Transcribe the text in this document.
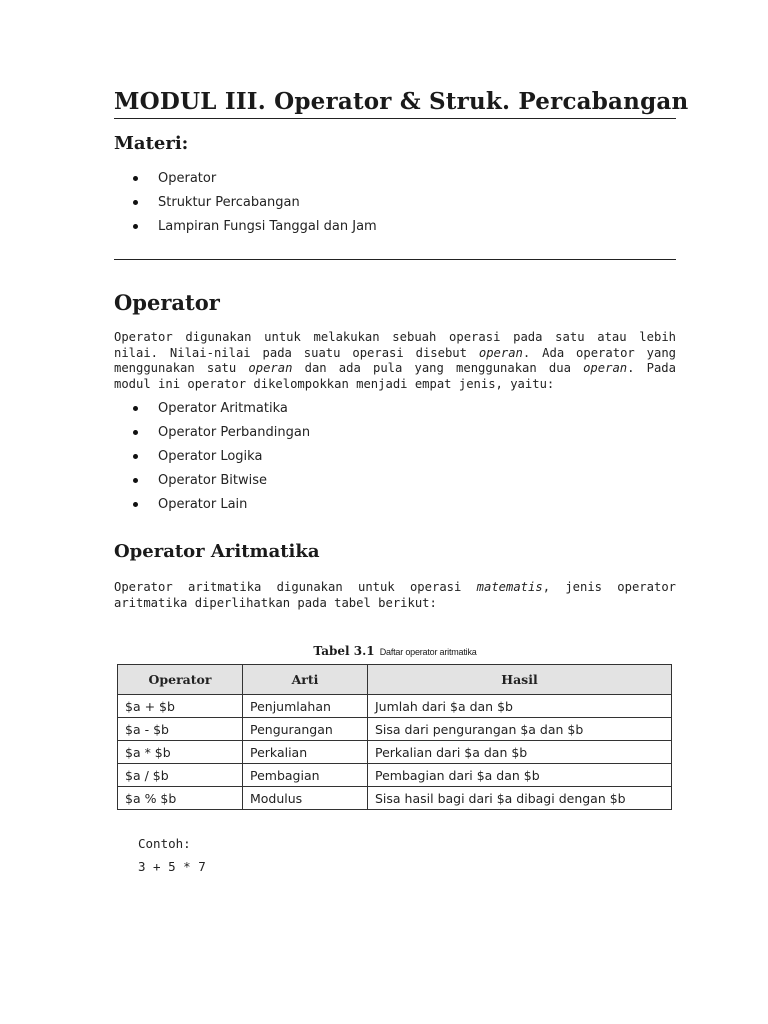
MODUL III. Operator & Struk. Percabangan
Materi:
Operator
Struktur Percabangan
Lampiran Fungsi Tanggal dan Jam
Operator

Operator digunakan untuk melakukan sebuah operasi pada satu atau lebih
nilai. Nilai-nilai pada suatu operasi disebut operan. Ada operator yang
menggunakan satu operan dan ada pula yang menggunakan dua operan. Pada
modul ini operator dikelompokkan menjadi empat jenis, yaitu:

Operator Aritmatika
Operator Perbandingan
Operator Logika
Operator Bitwise
Operator Lain
Operator Aritmatika

Operator aritmatika digunakan untuk operasi matematis, jenis operator
aritmatika diperlihatkan pada tabel berikut:

Tabel 3.1 Daftar operator aritmatika
Operator	Arti	Hasil
$a + $b	Penjumlahan	Jumlah dari $a dan $b
$a - $b	Pengurangan	Sisa dari pengurangan $a dan $b
$a * $b	Perkalian	Perkalian dari $a dan $b
$a / $b	Pembagian	Pembagian dari $a dan $b
$a % $b	Modulus	Sisa hasil bagi dari $a dibagi dengan $b
Contoh:
3 + 5 * 7
